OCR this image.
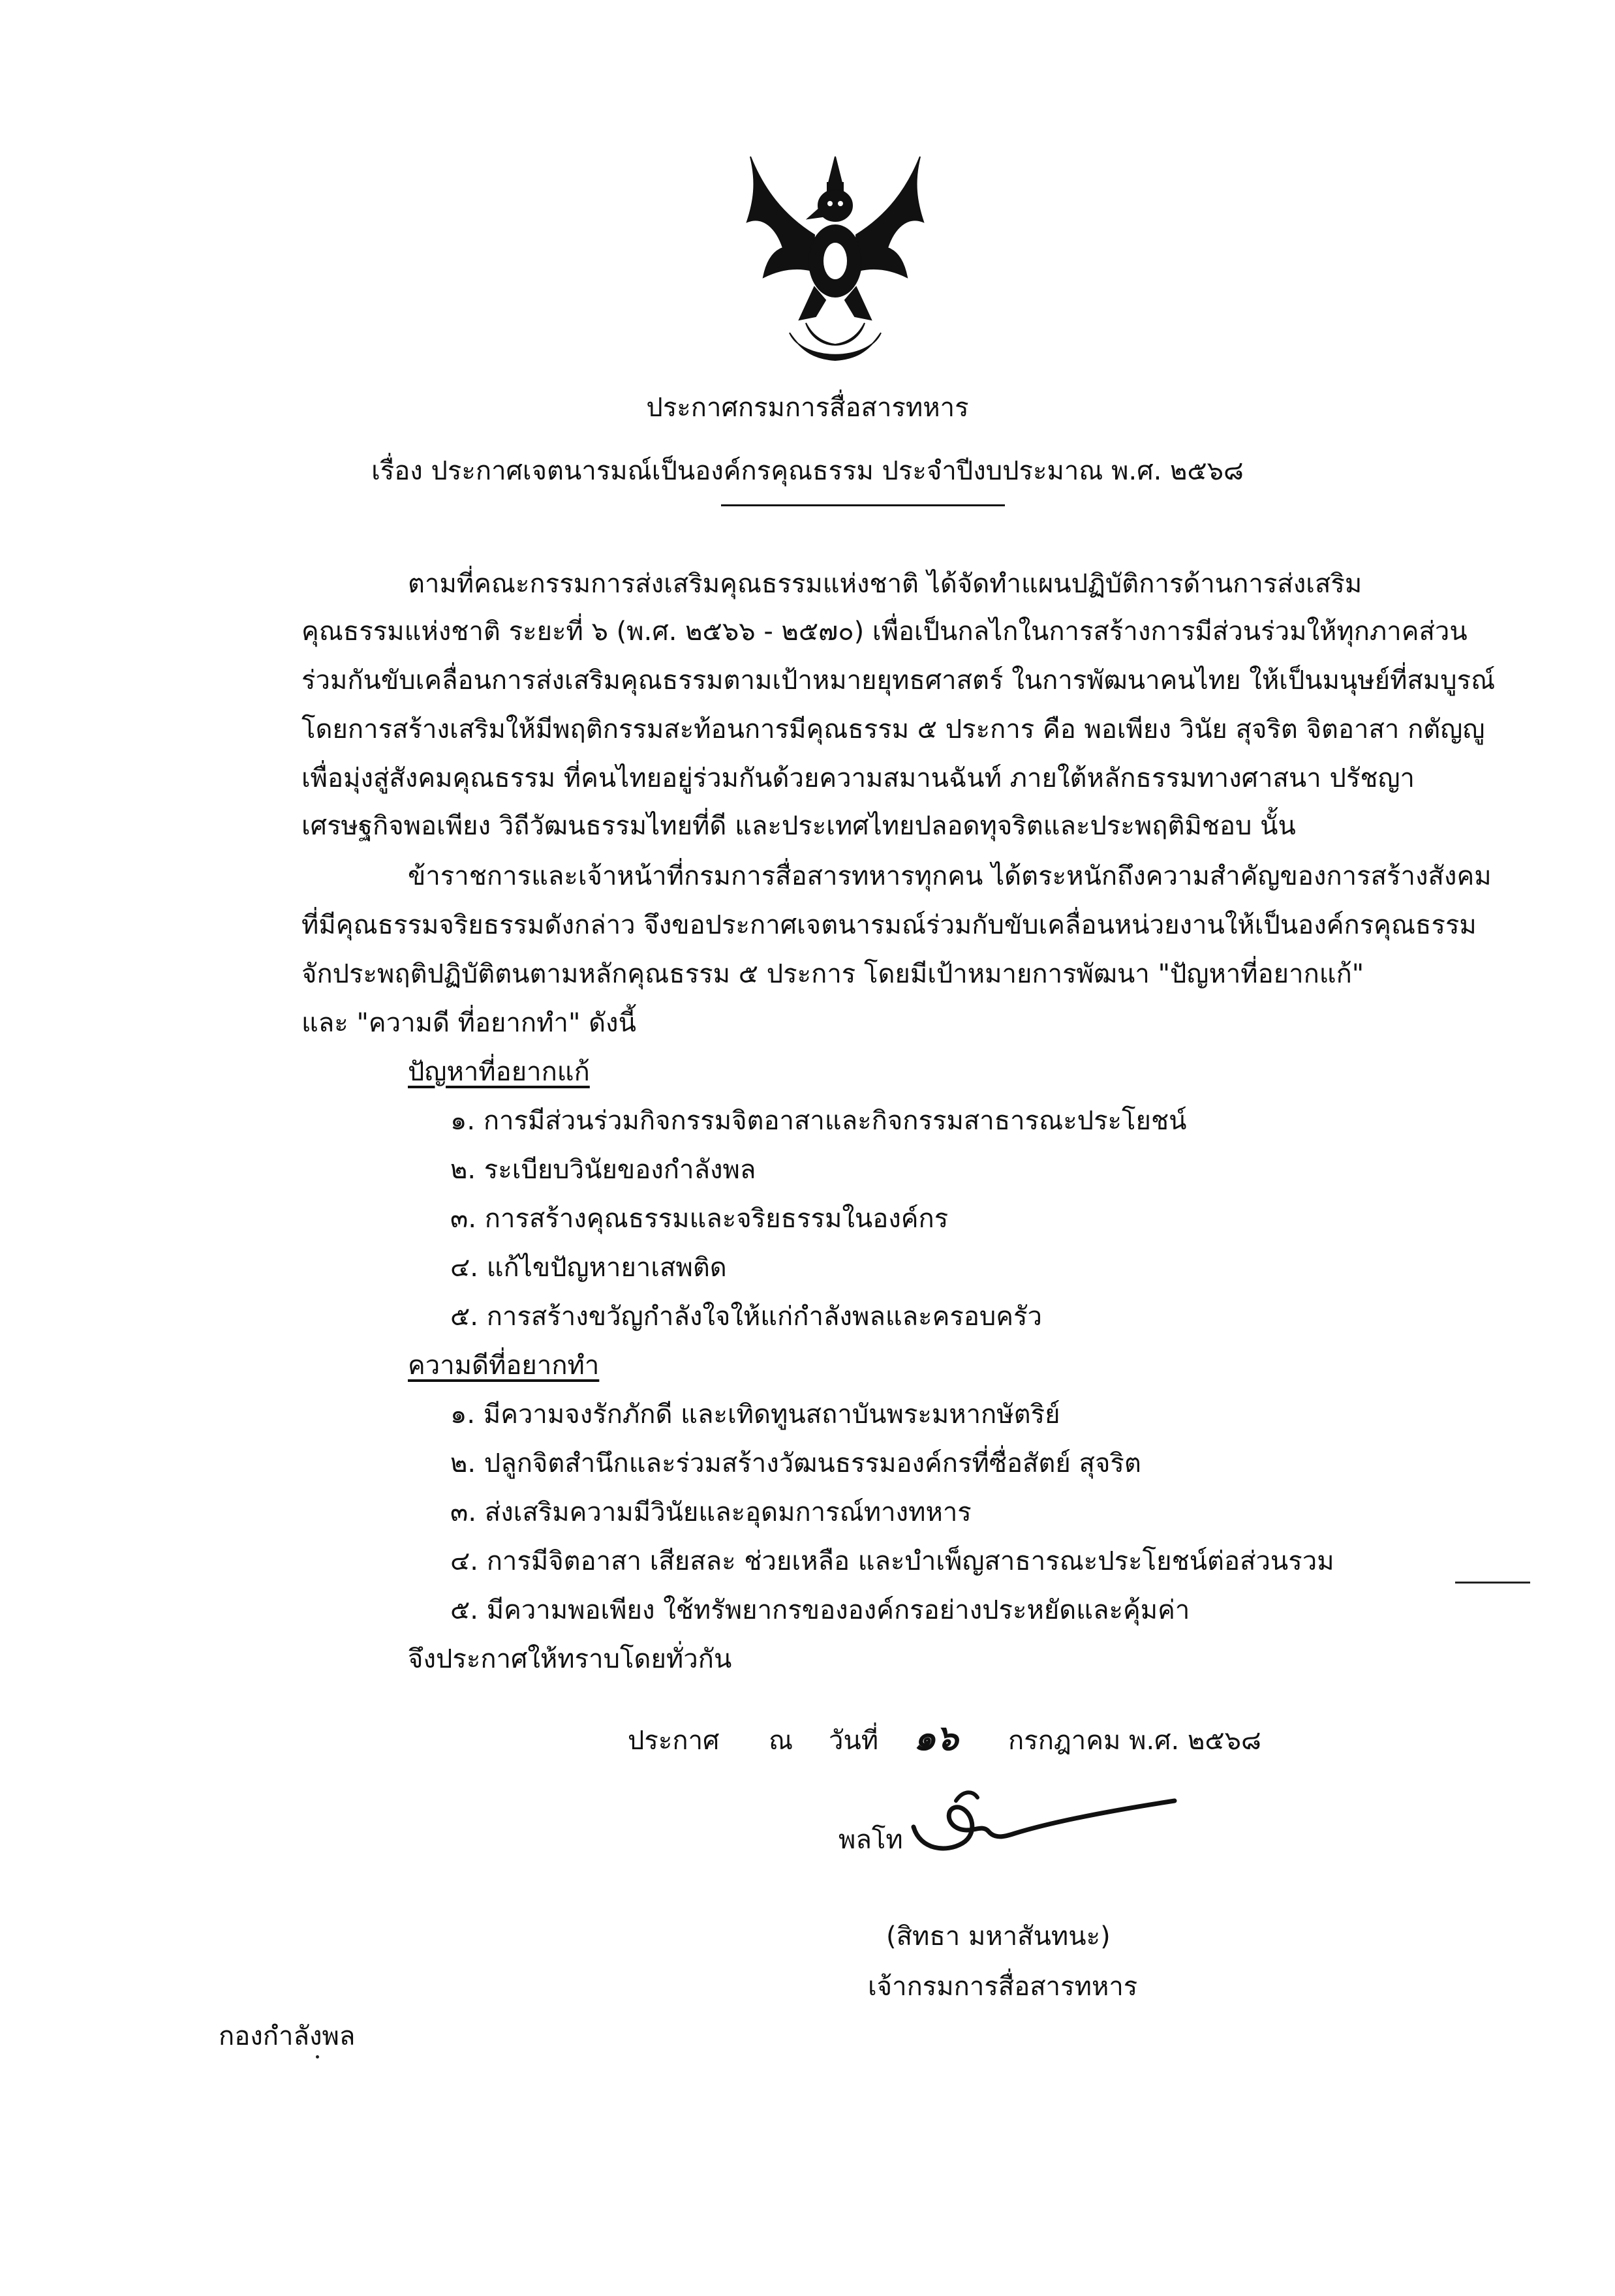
ประกาศกรมการสื่อสารทหาร
เรื่อง ประกาศเจตนารมณ์เป็นองค์กรคุณธรรม ประจำปีงบประมาณ พ.ศ. ๒๕๖๘
ตามที่คณะกรรมการส่งเสริมคุณธรรมแห่งชาติ ได้จัดทำแผนปฏิบัติการด้านการส่งเสริม
คุณธรรมแห่งชาติ ระยะที่ ๖ (พ.ศ. ๒๕๖๖ - ๒๕๗๐) เพื่อเป็นกลไกในการสร้างการมีส่วนร่วมให้ทุกภาคส่วน
ร่วมกันขับเคลื่อนการส่งเสริมคุณธรรมตามเป้าหมายยุทธศาสตร์ ในการพัฒนาคนไทย ให้เป็นมนุษย์ที่สมบูรณ์
โดยการสร้างเสริมให้มีพฤติกรรมสะท้อนการมีคุณธรรม ๕ ประการ คือ พอเพียง วินัย สุจริต จิตอาสา กตัญญู
เพื่อมุ่งสู่สังคมคุณธรรม ที่คนไทยอยู่ร่วมกันด้วยความสมานฉันท์ ภายใต้หลักธรรมทางศาสนา ปรัชญา
เศรษฐกิจพอเพียง วิถีวัฒนธรรมไทยที่ดี และประเทศไทยปลอดทุจริตและประพฤติมิชอบ นั้น
ข้าราชการและเจ้าหน้าที่กรมการสื่อสารทหารทุกคน ได้ตระหนักถึงความสำคัญของการสร้างสังคม
ที่มีคุณธรรมจริยธรรมดังกล่าว จึงขอประกาศเจตนารมณ์ร่วมกับขับเคลื่อนหน่วยงานให้เป็นองค์กรคุณธรรม
จักประพฤติปฏิบัติตนตามหลักคุณธรรม ๕ ประการ โดยมีเป้าหมายการพัฒนา "ปัญหาที่อยากแก้"
และ "ความดี ที่อยากทำ" ดังนี้
ปัญหาที่อยากแก้
๑. การมีส่วนร่วมกิจกรรมจิตอาสาและกิจกรรมสาธารณะประโยชน์
๒. ระเบียบวินัยของกำลังพล
๓. การสร้างคุณธรรมและจริยธรรมในองค์กร
๔. แก้ไขปัญหายาเสพติด
๕. การสร้างขวัญกำลังใจให้แก่กำลังพลและครอบครัว
ความดีที่อยากทำ
๑. มีความจงรักภักดี และเทิดทูนสถาบันพระมหากษัตริย์
๒. ปลูกจิตสำนึกและร่วมสร้างวัฒนธรรมองค์กรที่ซื่อสัตย์ สุจริต
๓. ส่งเสริมความมีวินัยและอุดมการณ์ทางทหาร
๔. การมีจิตอาสา เสียสละ ช่วยเหลือ และบำเพ็ญสาธารณะประโยชน์ต่อส่วนรวม
๕. มีความพอเพียง ใช้ทรัพยากรขององค์กรอย่างประหยัดและคุ้มค่า
จึงประกาศให้ทราบโดยทั่วกัน
ประกาศ ณ วันที่ ๑๖ กรกฎาคม พ.ศ. ๒๕๖๘
พลโท
(สิทธา มหาสันทนะ)
เจ้ากรมการสื่อสารทหาร
กองกำลังพล
